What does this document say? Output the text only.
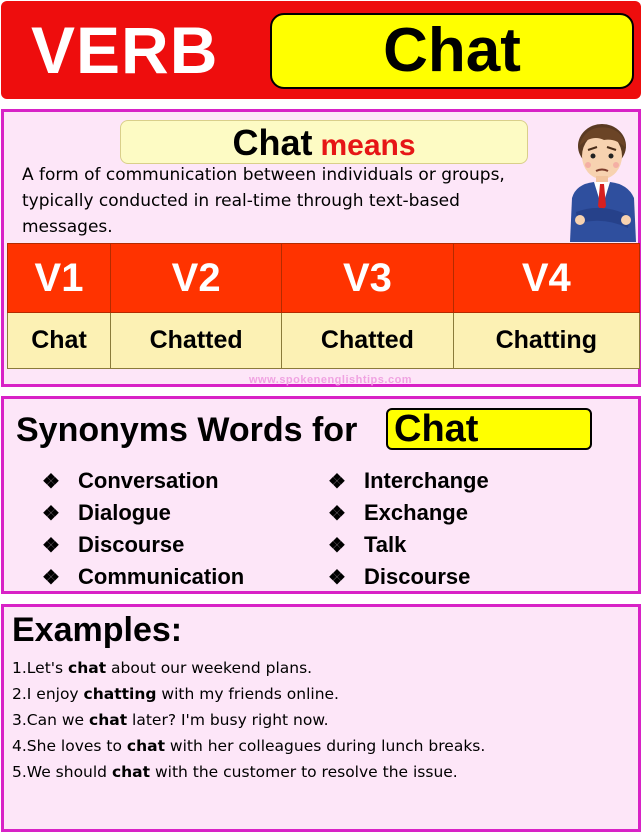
VERB	Chat
Chat means
A form of communication between individuals or groups, typically conducted in real-time through text-based messages.
V1	V2	V3	V4
Chat	Chatted	Chatted	Chatting
www.spokenenglishtips.com
Synonyms Words for Chat
❖ Conversation
❖ Dialogue
❖ Discourse
❖ Communication
❖ Interchange
❖ Exchange
❖ Talk
❖ Discourse
Examples:
1.Let's chat about our weekend plans.
2.I enjoy chatting with my friends online.
3.Can we chat later? I'm busy right now.
4.She loves to chat with her colleagues during lunch breaks.
5.We should chat with the customer to resolve the issue.
